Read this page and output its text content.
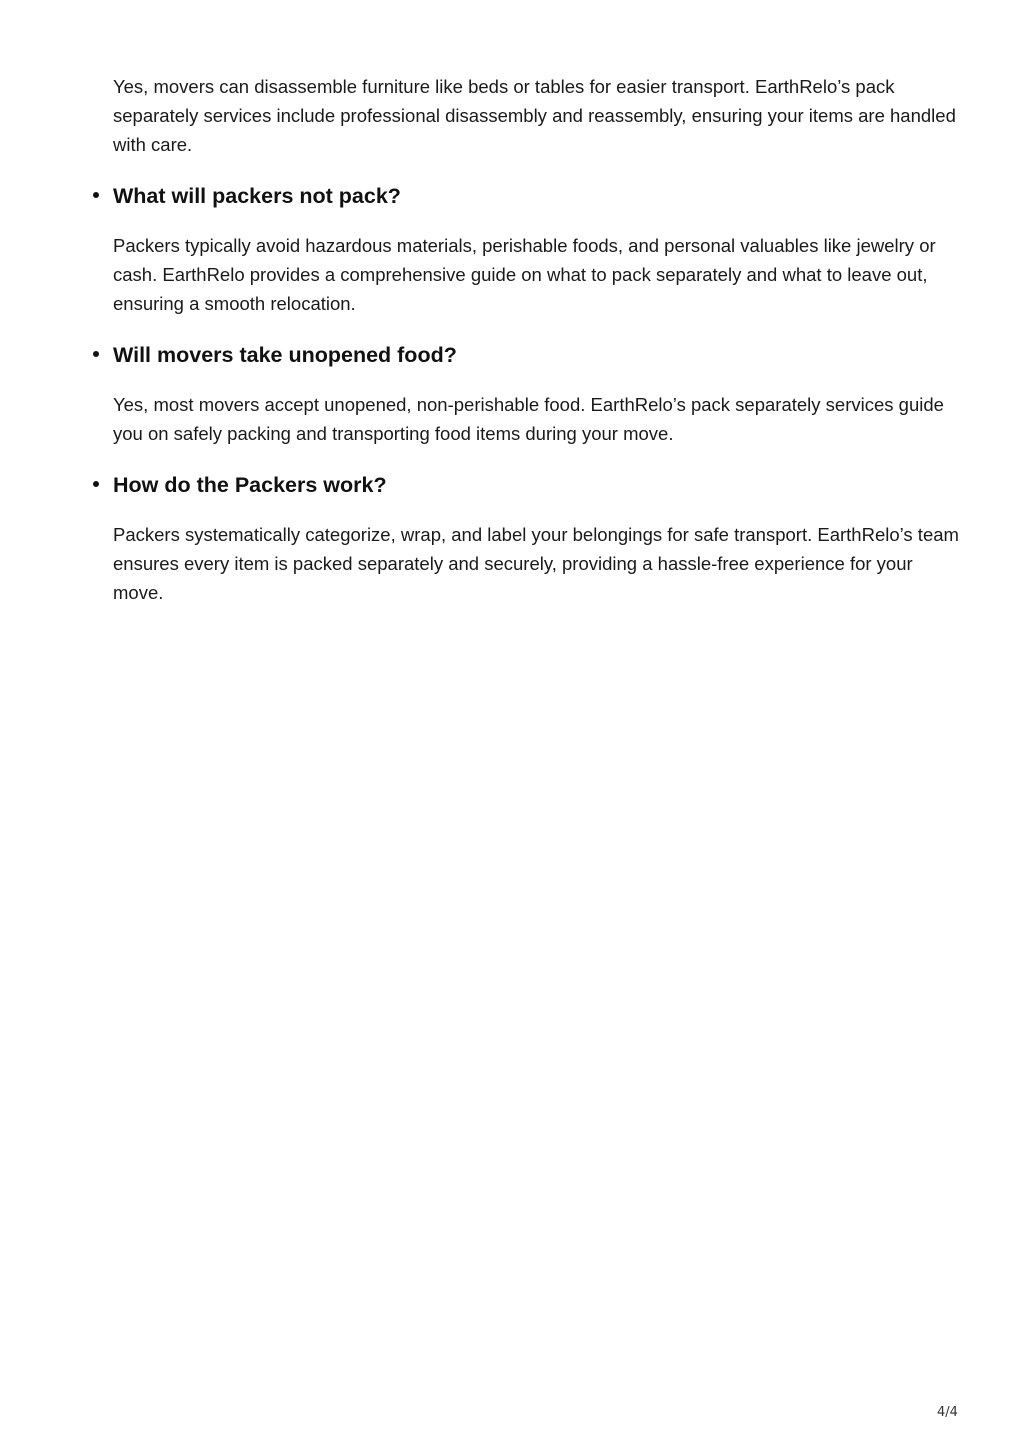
Yes, movers can disassemble furniture like beds or tables for easier transport. EarthRelo’s pack separately services include professional disassembly and reassembly, ensuring your items are handled with care.

What will packers not pack?

Packers typically avoid hazardous materials, perishable foods, and personal valuables like jewelry or cash. EarthRelo provides a comprehensive guide on what to pack separately and what to leave out, ensuring a smooth relocation.

Will movers take unopened food?

Yes, most movers accept unopened, non-perishable food. EarthRelo’s pack separately services guide you on safely packing and transporting food items during your move.

How do the Packers work?

Packers systematically categorize, wrap, and label your belongings for safe transport. EarthRelo’s team ensures every item is packed separately and securely, providing a hassle-free experience for your move.

4/4
